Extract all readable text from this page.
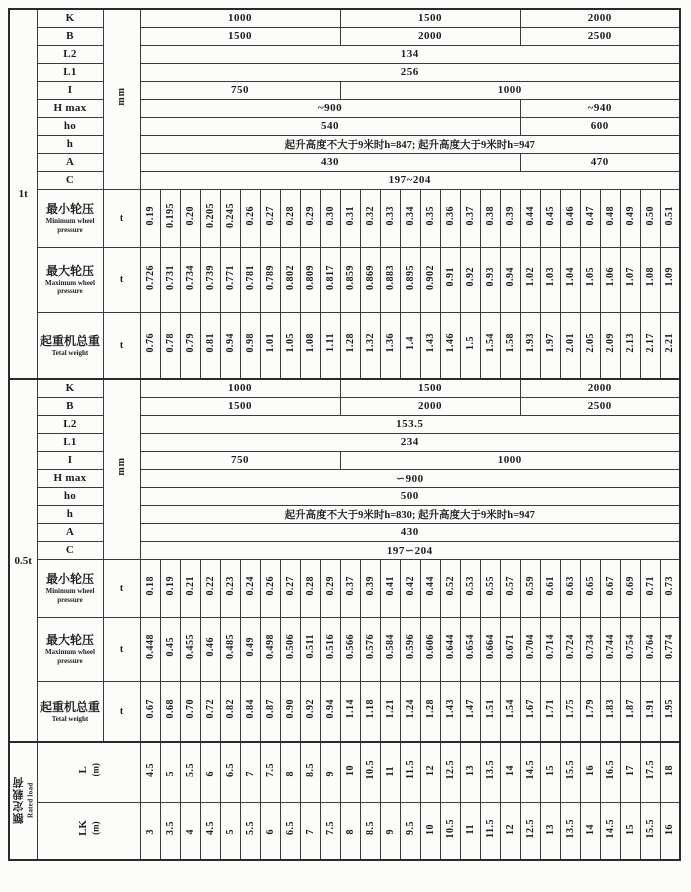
1t	K	mm	1000										1500									2000							
	B		1500										2000									2500							
	L2		134																										
	L1		256																										
	I		750										1000																
	H max		~900																			~940							
	ho		540																			600							
	h		起升高度不大于9米时h=847; 起升高度大于9米时h=947																										
	A		430																			470							
	C		197~204																										

	最小轮压
Minimum wheel pressure	t	0.19	0.195	0.20	0.205	0.245	0.26	0.27	0.28	0.29	0.30	0.31	0.32	0.33	0.34	0.35	0.36	0.37	0.38	0.39	0.44	0.45	0.46	0.47	0.48	0.49	0.50	0.51

	最大轮压
Maximum wheel pressure	t	0.726	0.731	0.734	0.739	0.771	0.781	0.789	0.802	0.809	0.817	0.859	0.869	0.883	0.895	0.902	0.91	0.92	0.93	0.94	1.02	1.03	1.04	1.05	1.06	1.07	1.08	1.09

	起重机总重
Tetal weight	t	0.76	0.78	0.79	0.81	0.94	0.98	1.01	1.05	1.08	1.11	1.28	1.32	1.36	1.4	1.43	1.46	1.5	1.54	1.58	1.93	1.97	2.01	2.05	2.09	2.13	2.17	2.21
0.5t	K	mm	1000										1500									2000							
	B		1500										2000									2500							
	L2		153.5																										
	L1		234																										
	I		750										1000																
	H max		∽900																										
	ho		500																										
	h		起升高度不大于9米时h=830; 起升高度大于9米时h=947																										
	A		430																										
	C		197∽204																										

	最小轮压
Minimum wheel pressure	t	0.18	0.19	0.21	0.22	0.23	0.24	0.26	0.27	0.28	0.29	0.37	0.39	0.41	0.42	0.44	0.52	0.53	0.55	0.57	0.59	0.61	0.63	0.65	0.67	0.69	0.71	0.73

	最大轮压
Maximum wheel pressure	t	0.448	0.45	0.455	0.46	0.485	0.49	0.498	0.506	0.511	0.516	0.566	0.576	0.584	0.596	0.606	0.644	0.654	0.664	0.671	0.704	0.714	0.724	0.734	0.744	0.754	0.764	0.774

	起重机总重
Tetal weight	t	0.67	0.68	0.70	0.72	0.82	0.84	0.87	0.90	0.92	0.94	1.14	1.18	1.21	1.24	1.28	1.43	1.47	1.51	1.54	1.67	1.71	1.75	1.79	1.83	1.87	1.91	1.95

额定载荷 Rated load

L (m)	4.5	5	5.5	6	6.5	7	7.5	8	8.5	9	10	10.5	11	11.5	12	12.5	13	13.5	14	14.5	15	15.5	16	16.5	17	17.5	18

	LK (m)		3	3.5	4	4.5	5	5.5	6	6.5	7	7.5	8	8.5	9	9.5	10	10.5	11	11.5	12	12.5	13	13.5	14	14.5	15	15.5	16
